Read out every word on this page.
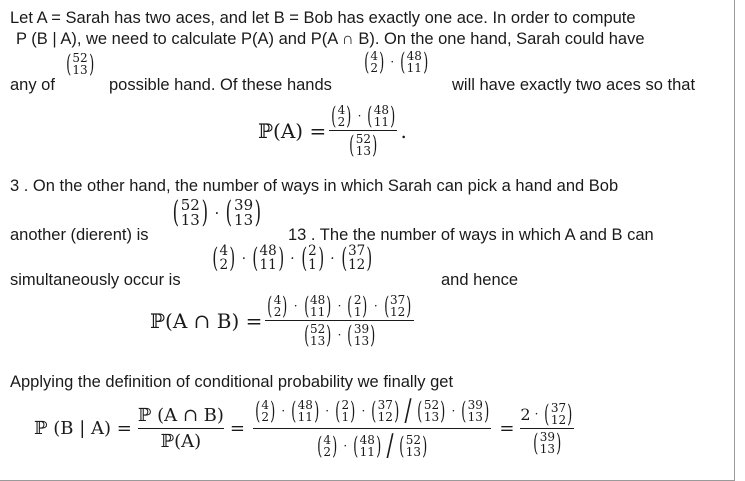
Let A = Sarah has two aces, and let B = Bob has exactly one ace. In order to compute
P (B | A), we need to calculate P(A) and P(A ∩ B). On the one hand, Sarah could have
any of
( 52
13 )
possible hand. Of these hands
( 4
2 ) · ( 48
11 )
will have exactly two aces so that
ℙ(A) = ( 4
2 ) · ( 48
11 )
( 52
13 ) .
3 . On the other hand, the number of ways in which Sarah can pick a hand and Bob
another (dierent) is
( 52
13 ) · ( 39
13 )
13 . The the number of ways in which A and B can
simultaneously occur is
( 4
2 ) · ( 48
11 ) · ( 2
1 ) · ( 37
12 )
and hence
ℙ(A ∩ B) =
( 4
2 ) · ( 48
11 ) · ( 2
1 ) · ( 37
12 )
( 52
13 ) · ( 39
13 )
Applying the definition of conditional probability we finally get
ℙ (B | $A) = \frac{\text{ℙ (A ∩ B)}}{\text{ℙ(A)}}$ =
( 4
2 ) · ( 48
11 ) · ( 2
1 ) · ( 37
12 ) / ( 52
13 ) · ( 39
13 )
( 4
2 ) · ( 48
11 ) / ( 52
13 )
= 2 · ( 37
12 )
( 39
13 )
